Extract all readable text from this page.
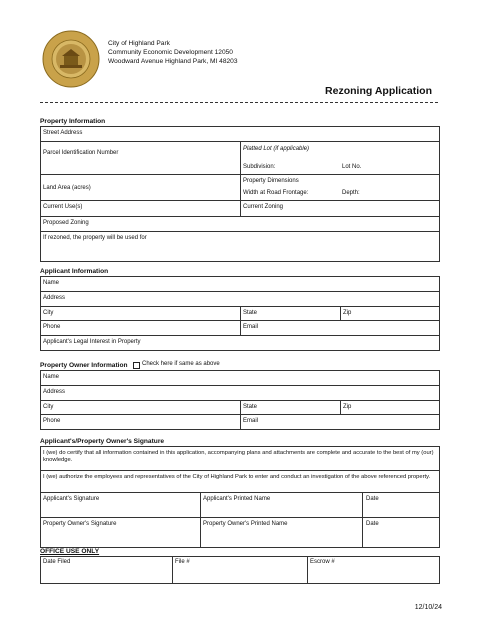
City of Highland Park
Community Economic Development 12050
Woodward Avenue Highland Park, MI 48203
Rezoning Application
Property Information
Street Address
Parcel Identification Number
Platted Lot (if applicable)
Subdivision:	Lot No.
Land Area (acres)
Property Dimensions
Width at Road Frontage:	Depth:
Current Use(s)	Current Zoning
Proposed Zoning
If rezoned, the property will be used for
Applicant Information
Name
Address
City	State	Zip
Phone	Email
Applicant's Legal Interest in Property
Property Owner Information Check here if same as above
Name
Address
City	State	Zip
Phone	Email
Applicant's/Property Owner's Signature
I (we) do certify that all information contained in this application, accompanying plans and attachments are complete and accurate to the best of my (our) knowledge.
I (we) authorize the employees and representatives of the City of Highland Park to enter and conduct an investigation of the above referenced property.
Applicant's Signature	Applicant's Printed Name	Date
Property Owner's Signature	Property Owner's Printed Name	Date
OFFICE USE ONLY
Date Filed	File #	Escrow #
12/10/24
